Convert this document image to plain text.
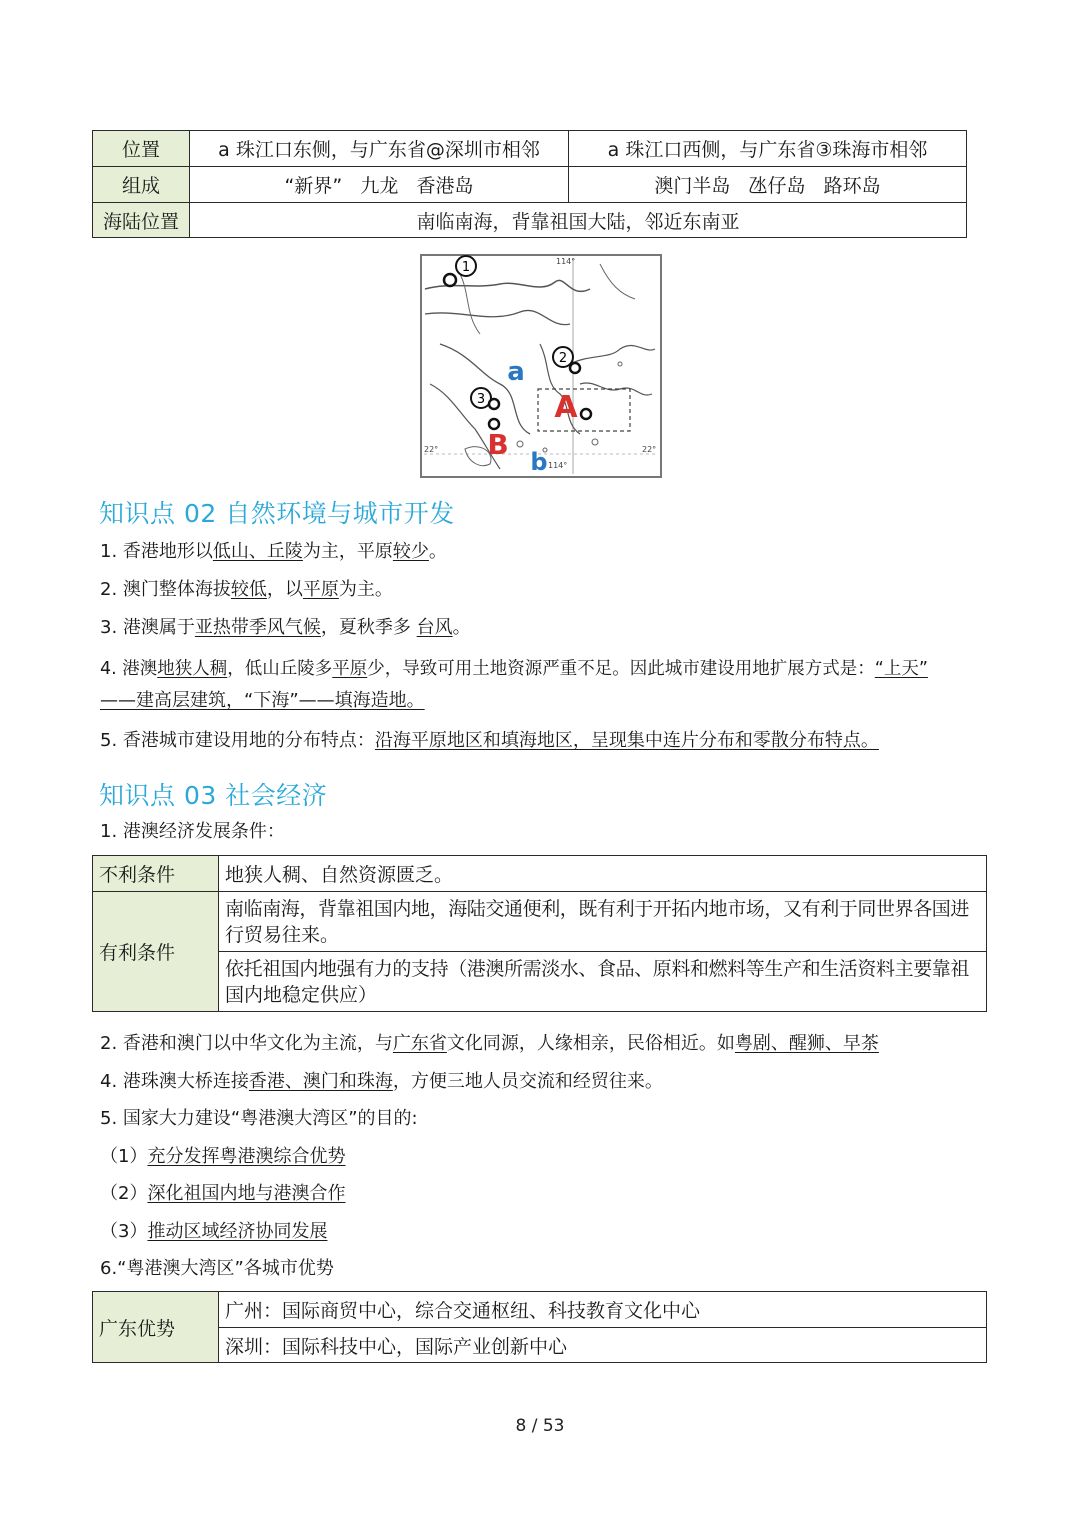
位置	a 珠江口东侧，与广东省@深圳市相邻	a 珠江口西侧，与广东省③珠海市相邻
组成	“新界”   九龙   香港岛	澳门半岛   氹仔岛   路环岛
海陆位置	南临南海，背靠祖国大陆，邻近东南亚	
1
2
3
a
A
B
b
114°
114°
22°	22°
知识点 02 自然环境与城市开发
1. 香港地形以低山、丘陵为主，平原较少。
2. 澳门整体海拔较低，以平原为主。
3. 港澳属于亚热带季风气候，夏秋季多 台风。
4. 港澳地狭人稠，低山丘陵多平原少，导致可用土地资源严重不足。因此城市建设用地扩展方式是：“上天”
——建高层建筑，“下海”——填海造地。
5. 香港城市建设用地的分布特点：沿海平原地区和填海地区，呈现集中连片分布和零散分布特点。
知识点 03 社会经济
1. 港澳经济发展条件：
不利条件	地狭人稠、自然资源匮乏。
有利条件	南临南海，背靠祖国内地，海陆交通便利，既有利于开拓内地市场，又有利于同世界各国进
行贸易往来。

	依托祖国内地强有力的支持（港澳所需淡水、食品、原料和燃料等生产和生活资料主要靠祖
国内地稳定供应）
2. 香港和澳门以中华文化为主流，与广东省文化同源，人缘相亲，民俗相近。如粤剧、醒狮、早茶
4. 港珠澳大桥连接香港、澳门和珠海，方便三地人员交流和经贸往来。
5. 国家大力建设“粤港澳大湾区”的目的:
（1）充分发挥粤港澳综合优势
（2）深化祖国内地与港澳合作
（3）推动区域经济协同发展
6.“粤港澳大湾区”各城市优势
广东优势	广州：国际商贸中心，综合交通枢纽、科技教育文化中心
深圳：国际科技中心，国际产业创新中心
8 / 53
